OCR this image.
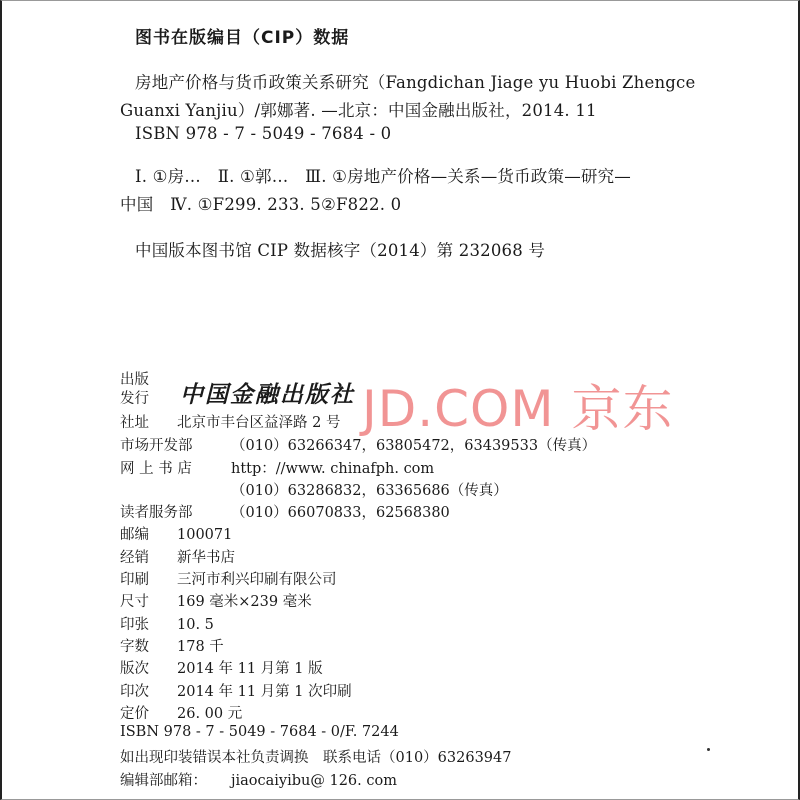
图书在版编目（CIP）数据
房地产价格与货币政策关系研究（Fangdichan Jiage yu Huobi Zhengce
Guanxi Yanjiu）/郭娜著. —北京：中国金融出版社，2014. 11
ISBN 978 - 7 - 5049 - 7684 - 0
Ⅰ. ①房…　Ⅱ. ①郭…　Ⅲ. ①房地产价格—关系—货币政策—研究—
中国　Ⅳ. ①F299. 233. 5②F822. 0
中国版本图书馆 CIP 数据核字（2014）第 232068 号
JD.COM 京东
出版
发行	中国金融出版社
社址 北京市丰台区益泽路 2 号
市场开发部	（010）63266347，63805472，63439533（传真）
网 上 书 店	http：//www. chinafph. com
（010）63286832，63365686（传真）
读者服务部	（010）66070833，62568380
邮编 100071
经销 新华书店
印刷 三河市利兴印刷有限公司
尺寸 169 毫米×239 毫米
印张 10. 5
字数 178 千
版次 2014 年 11 月第 1 版
印次 2014 年 11 月第 1 次印刷
定价 26. 00 元
ISBN 978 - 7 - 5049 - 7684 - 0/F. 7244
如出现印装错误本社负责调换　联系电话（010）63263947
编辑部邮箱： jiaocaiyibu@ 126. com
